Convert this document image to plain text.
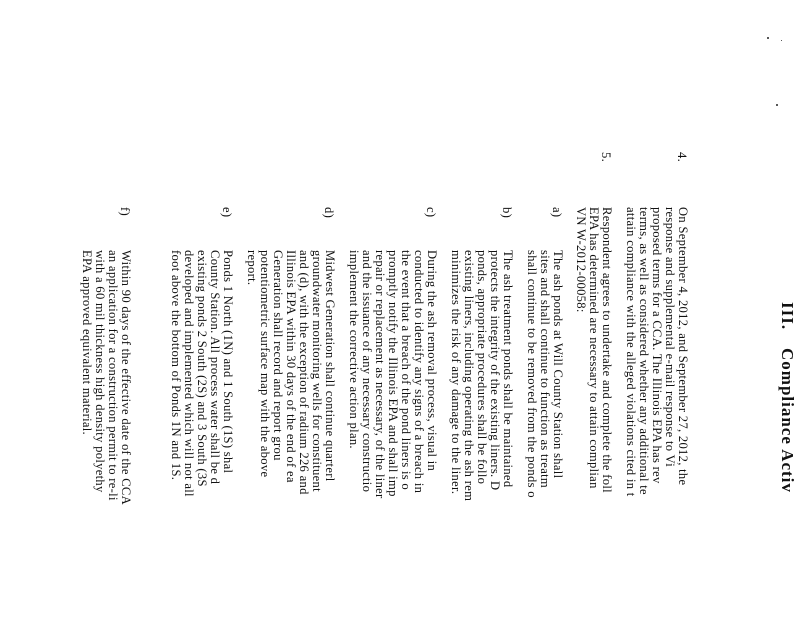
III.
Compliance Activ
4.
On September 4, 2012, and September 27, 2012, the
response and supplemental e-mail response to Vi
proposed terms for a CCA. The Illinois EPA has rev
terms, as well as considered whether any additional te
attain compliance with the alleged violations cited in t
5.
Respondent agrees to undertake and complete the foll
EPA has determined are necessary to attain complian
VN W-2012-00058:
a)
The ash ponds at Will County Station shall
sites and shall continue to function as treatm
shall continue to be removed from the ponds o
b)
The ash treatment ponds shall be maintained
protects the integrity of the existing liners. D
ponds, appropriate procedures shall be follo
existing liners, including operating the ash rem
minimizes the risk of any damage to the liner.
c)
During the ash removal process, visual in
conducted to identify any signs of a breach in
the event that a breach of the pond liners is o
promptly notify the Illinois EPA and shall imp
repair or replacement as necessary, of the liner
and the issuance of any necessary constructio
implement the corrective action plan.
d)
Midwest Generation shall continue quarterl
groundwater monitoring wells for constituent
and (d), with the exception of radium 226 and
Illinois EPA within 30 days of the end of ea
Generation shall record and report grou
potentiometric surface map with the above
report.
e)
Ponds 1 North (1N) and 1 South (1S) shal
County Station. All process water shall be d
existing ponds 2 South (2S) and 3 South (3S
developed and implemented which will not all
foot above the bottom of Ponds 1N and 1S.
f)
Within 90 days of the effective date of the CCA
an application for a construction permit to re-li
with a 60 mil thickness high density polyethy
EPA approved equivalent material.
